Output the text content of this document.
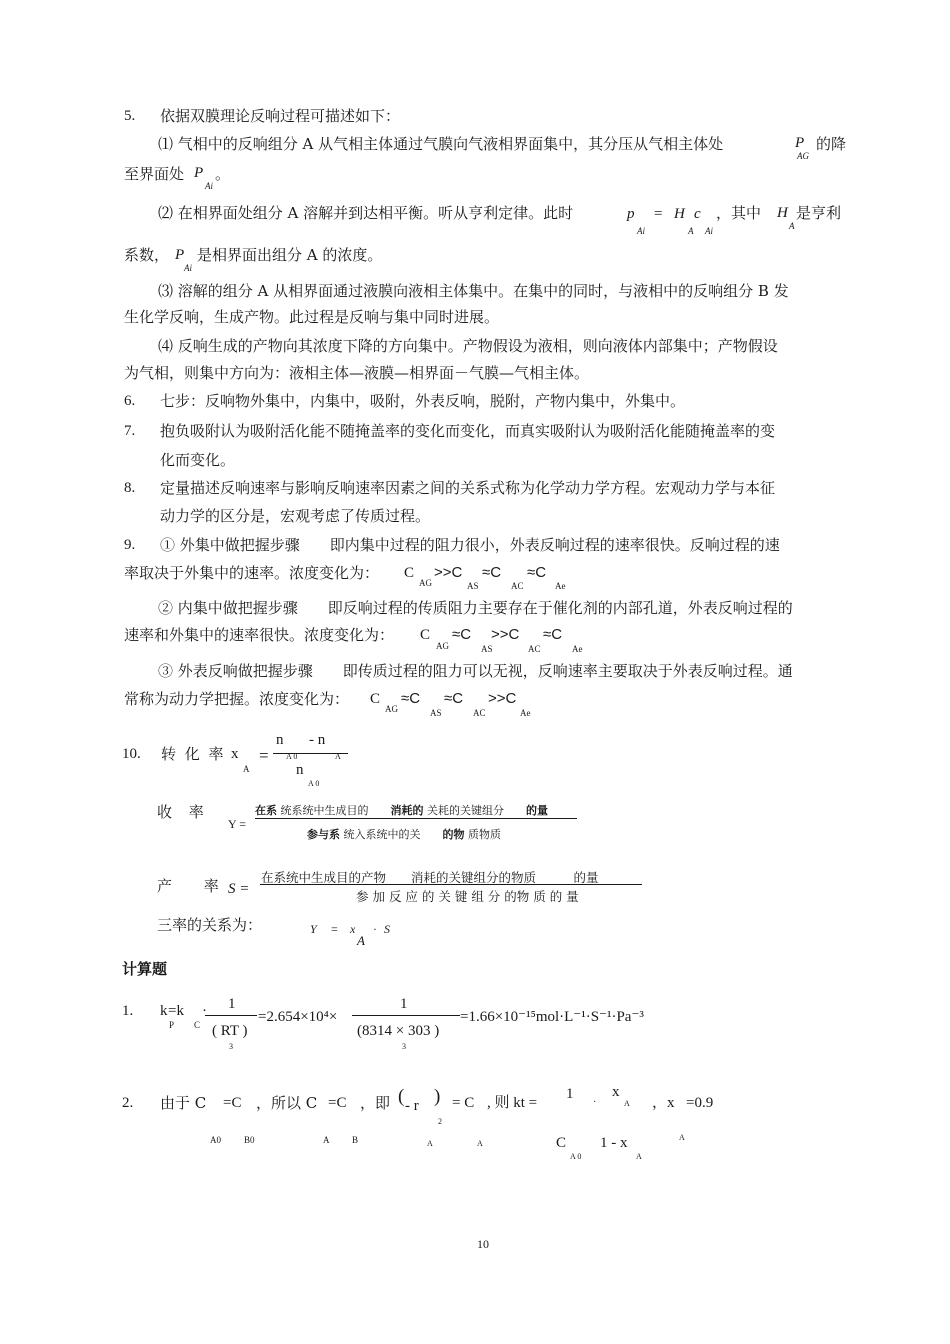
5. 依据双膜理论反响过程可描述如下：
⑴ 气相中的反响组分 A 从气相主体通过气膜向气液相界面集中，其分压从气相主体处	P
AG
的降
至界面处 P
Ai
。
⑵ 在相界面处组分 A 溶解并到达相平衡。听从亨利定律。此时	p
Ai
= H
A
c
Ai
，其中 H
A
是亨利
系数， P
Ai
是相界面出组分 A 的浓度。
⑶ 溶解的组分 A 从相界面通过液膜向液相主体集中。在集中的同时，与液相中的反响组分 B 发
生化学反响，生成产物。此过程是反响与集中同时进展。
⑷ 反响生成的产物向其浓度下降的方向集中。产物假设为液相，则向液体内部集中；产物假设
为气相，则集中方向为：液相主体—液膜—相界面－气膜—气相主体。
6. 七步：反响物外集中，内集中，吸附，外表反响，脱附，产物内集中，外集中。
7. 抱负吸附认为吸附活化能不随掩盖率的变化而变化，而真实吸附认为吸附活化能随掩盖率的变
化而变化。
8. 定量描述反响速率与影响反响速率因素之间的关系式称为化学动力学方程。宏观动力学与本征
动力学的区分是，宏观考虑了传质过程。
9. ① 外集中做把握步骤　　即内集中过程的阻力很小，外表反响过程的速率很快。反响过程的速
率取决于外集中的速率。浓度变化为： C
AG
>>C
AS
≈C
AC
≈C
Ae
② 内集中做把握步骤　　即反响过程的传质阻力主要存在于催化剂的内部孔道，外表反响过程的
速率和外集中的速率很快。浓度变化为： C
AG
≈C
AS
>>C
AC
≈C
Ae
③ 外表反响做把握步骤　　即传质过程的阻力可以无视，反响速率主要取决于外表反响过程。通
常称为动力学把握。浓度变化为： C
AG
≈C
AS
≈C
AC
>>C
Ae
10. 转 化 率 x
A
=
n
A 0
- n
A
n
A 0
收 率
Y =
在系 统系统中生成目的　　 消耗的 关耗的关键组分　　 的量
参与系 统入系统中的关　　 的物 质物质
产　 率 S =
在系统中生成目的产物　　消耗的关键组分的物质　　　的量
参 加 反 应 的 关 键 组 分 的物 质 的 量
三率的关系为：	Y = x
A
· S
计算题
1. k
P
=k
C
· 1
( RT )
3
=2.654×10⁴×
1
(8314 × 303 )
3
=1.66×10⁻¹⁵mol·L⁻¹·S⁻¹·Pa⁻³
2. 由于 C
A0
=C
B0
，所以 C
A
=C
B
，即 ( - r )
2
A
= C
A
, 则 kt =
1
C
A 0
·
x
A
1 - x
A
，x
A
=0.9
10
